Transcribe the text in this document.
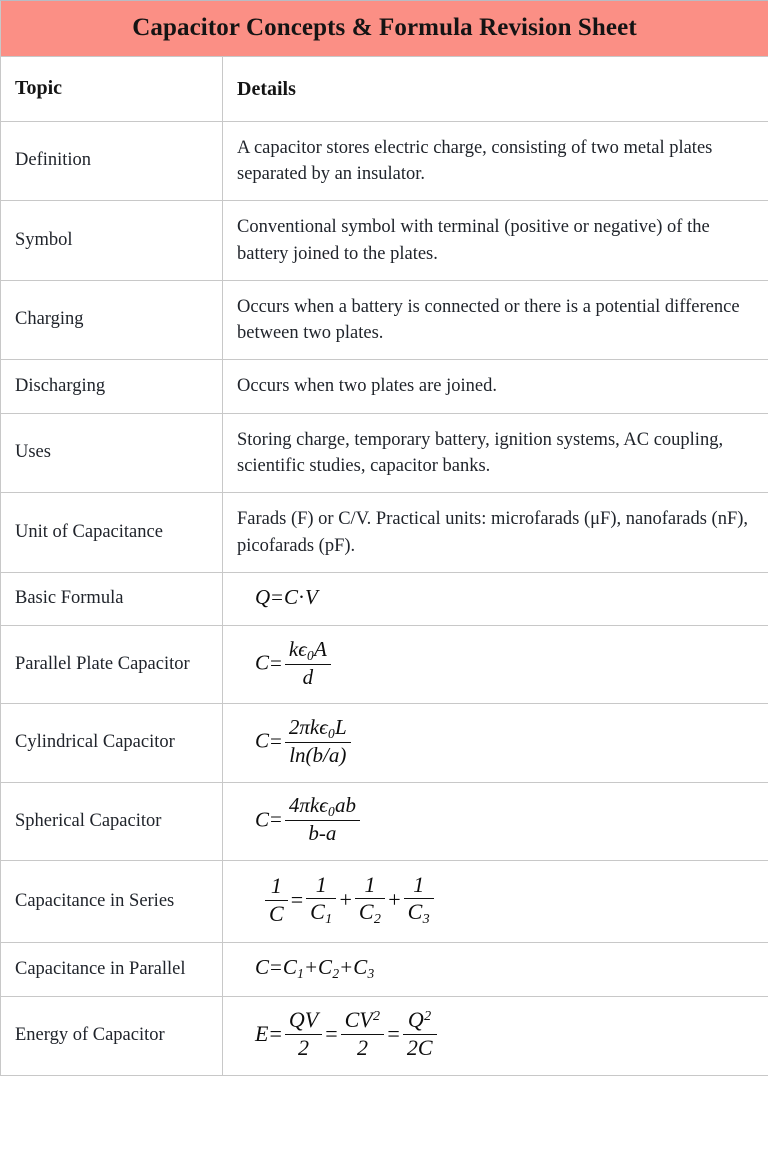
Capacitor Concepts & Formula Revision Sheet	
Topic	Details
Definition	A capacitor stores electric charge, consisting of two metal plates separated by an insulator.
Symbol	Conventional symbol with terminal (positive or negative) of the battery joined to the plates.
Charging	Occurs when a battery is connected or there is a potential difference between two plates.
Discharging	Occurs when two plates are joined.
Uses	Storing charge, temporary battery, ignition systems, AC coupling, scientific studies, capacitor banks.
Unit of Capacitance	Farads (F) or C/V. Practical units: microfarads (μF), nanofarads (nF), picofarads (pF).
Basic Formula	Q=C·V
Parallel Plate Capacitor	$C= \frac{k\epsilon_0A}{d}$

Cylindrical Capacitor	$C= \frac{2\pi k\epsilon_0L}{\ln(b/a)}$

Spherical Capacitor	$C= \frac{4\pi k\epsilon_0ab}{b-a}$

Capacitance in Series	$\frac{1}{C} = \frac{1}{C_1} + \frac{1}{C_2} + \frac{1}{C_3}$

Capacitance in Parallel	$C=C_1+C_2+C_3$
Energy of Capacitor	$E= \frac{QV}{2} = \frac{CV^2}{2} = \frac{Q^2}{2C}$
